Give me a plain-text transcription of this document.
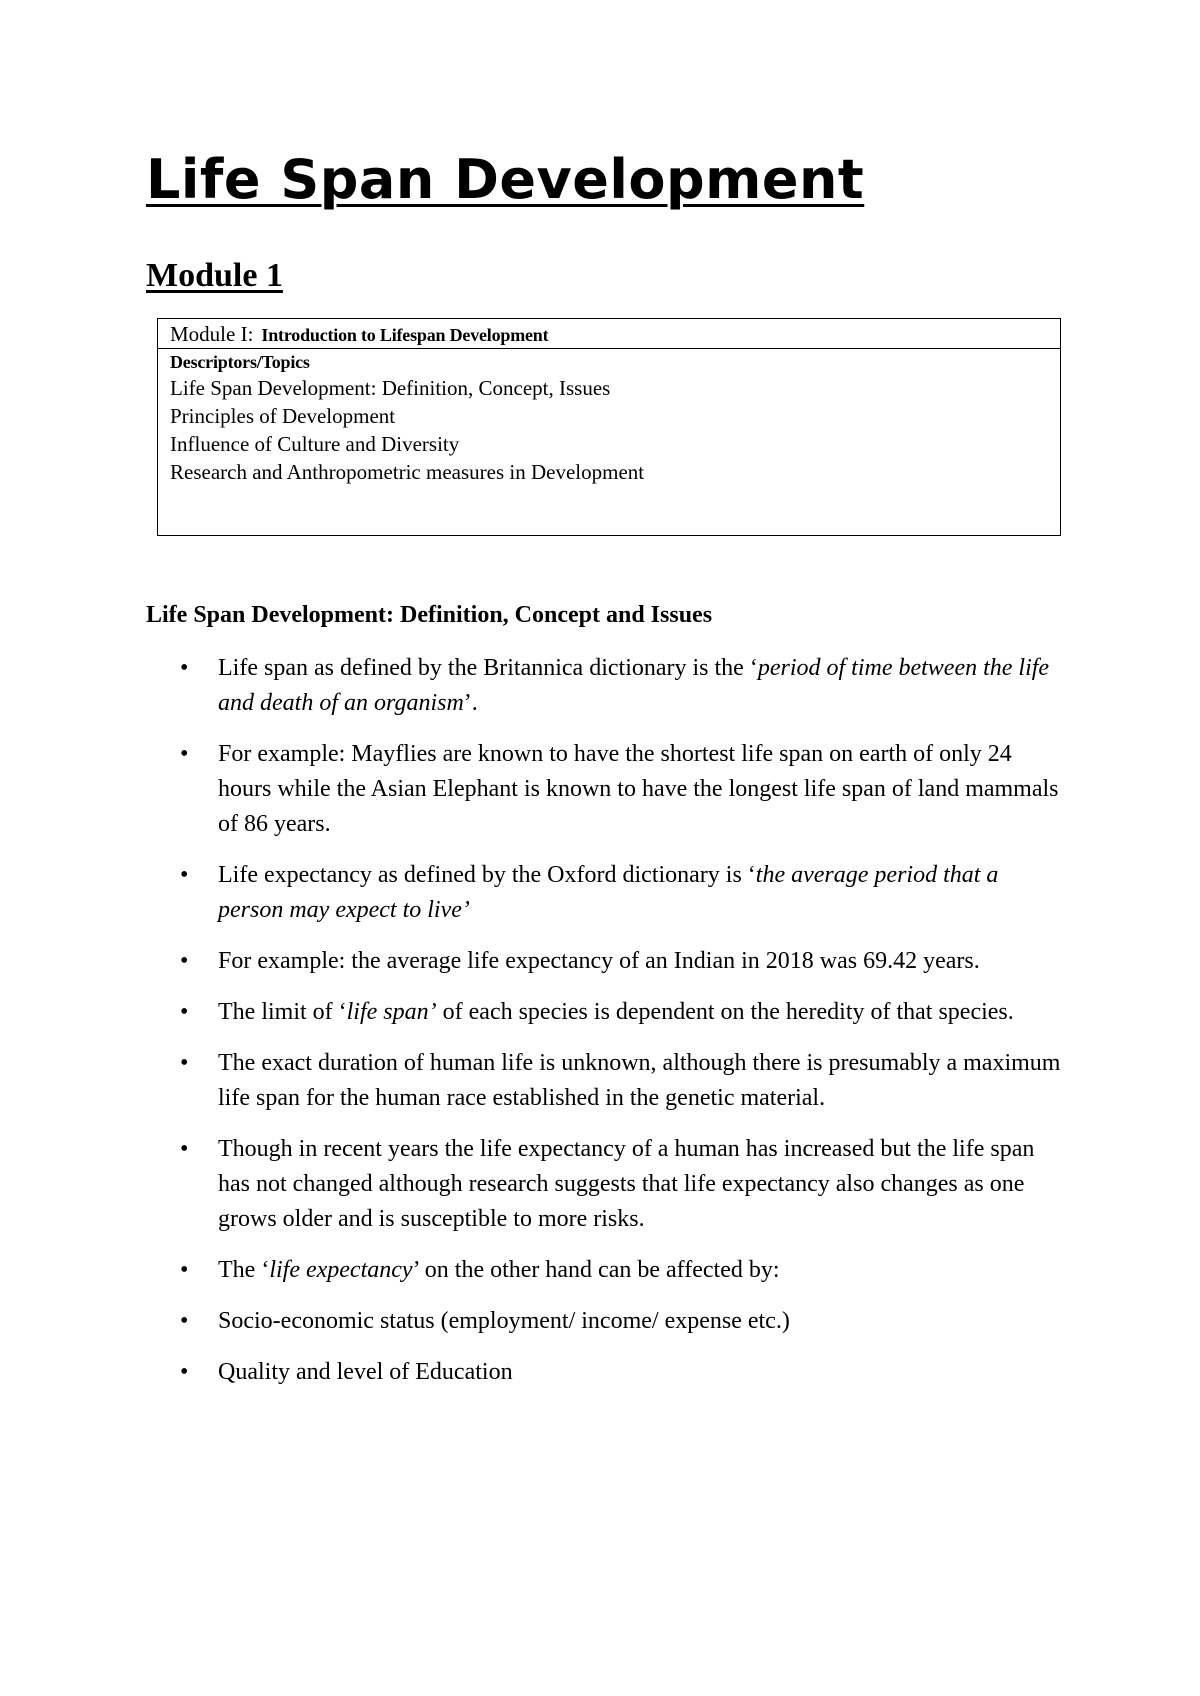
Life Span Development
Module 1
Module I: Introduction to Lifespan Development
Descriptors/Topics
Life Span Development: Definition, Concept, Issues
Principles of Development
Influence of Culture and Diversity
Research and Anthropometric measures in Development
Life Span Development: Definition, Concept and Issues
• Life span as defined by the Britannica dictionary is the ‘period of time between the life and death of an organism’.
• For example: Mayflies are known to have the shortest life span on earth of only 24 hours while the Asian Elephant is known to have the longest life span of land mammals of 86 years.
• Life expectancy as defined by the Oxford dictionary is ‘the average period that a person may expect to live’
• For example: the average life expectancy of an Indian in 2018 was 69.42 years.
• The limit of ‘life span’ of each species is dependent on the heredity of that species.
• The exact duration of human life is unknown, although there is presumably a maximum life span for the human race established in the genetic material.
• Though in recent years the life expectancy of a human has increased but the life span has not changed although research suggests that life expectancy also changes as one grows older and is susceptible to more risks.
• The ‘life expectancy’ on the other hand can be affected by:
• Socio-economic status (employment/ income/ expense etc.)
• Quality and level of Education
